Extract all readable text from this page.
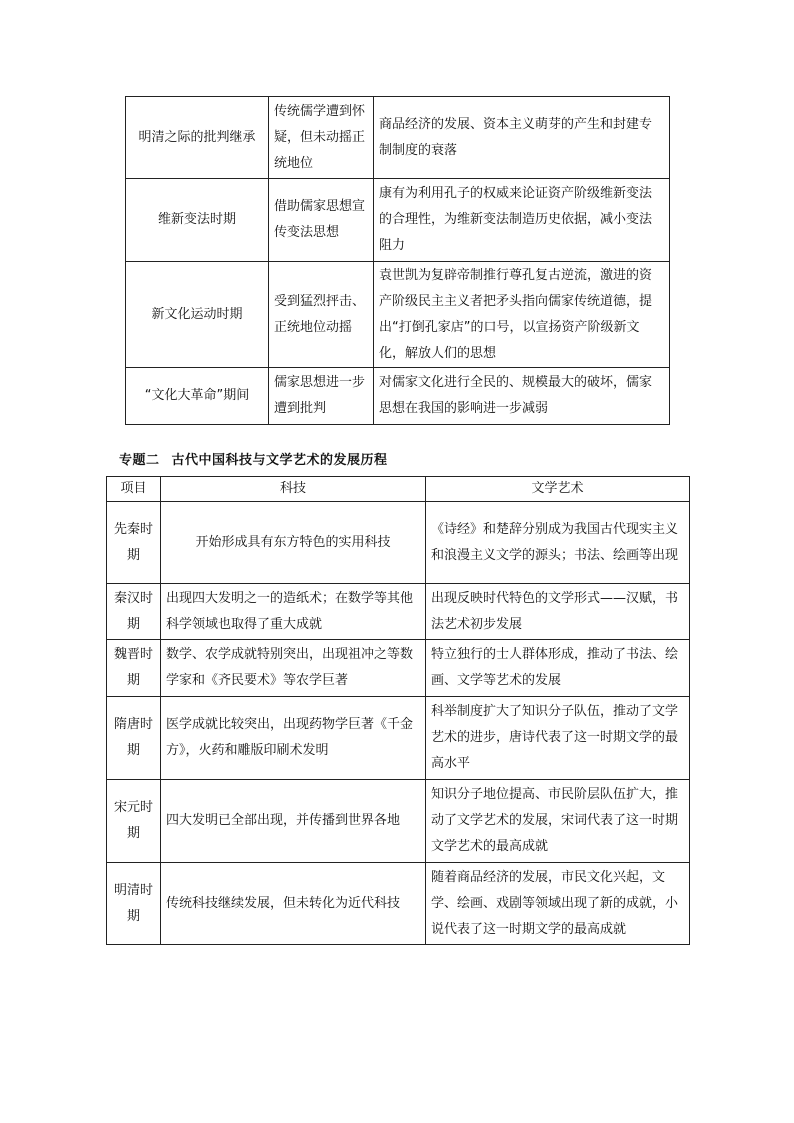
明清之际的批判继承	传统儒学遭到怀疑，但未动摇正统地位	商品经济的发展、资本主义萌芽的产生和封建专制制度的衰落
维新变法时期	借助儒家思想宣传变法思想	康有为利用孔子的权威来论证资产阶级维新变法的合理性，为维新变法制造历史依据，减小变法阻力
新文化运动时期	受到猛烈抨击、正统地位动摇	袁世凯为复辟帝制推行尊孔复古逆流，激进的资产阶级民主主义者把矛头指向儒家传统道德，提出“打倒孔家店”的口号，以宣扬资产阶级新文化，解放人们的思想
“文化大革命”期间	儒家思想进一步遭到批判	对儒家文化进行全民的、规模最大的破坏，儒家思想在我国的影响进一步减弱
专题二 古代中国科技与文学艺术的发展历程
项目	科技	文学艺术
先秦时期	开始形成具有东方特色的实用科技	《诗经》和楚辞分别成为我国古代现实主义和浪漫主义文学的源头；书法、绘画等出现
秦汉时期	出现四大发明之一的造纸术；在数学等其他科学领域也取得了重大成就	出现反映时代特色的文学形式——汉赋，书法艺术初步发展
魏晋时期	数学、农学成就特别突出，出现祖冲之等数学家和《齐民要术》等农学巨著	特立独行的士人群体形成，推动了书法、绘画、文学等艺术的发展
隋唐时期	医学成就比较突出，出现药物学巨著《千金方》，火药和雕版印刷术发明	科举制度扩大了知识分子队伍，推动了文学艺术的进步，唐诗代表了这一时期文学的最高水平
宋元时期	四大发明已全部出现，并传播到世界各地	知识分子地位提高、市民阶层队伍扩大，推动了文学艺术的发展，宋词代表了这一时期文学艺术的最高成就
明清时期	传统科技继续发展，但未转化为近代科技	随着商品经济的发展，市民文化兴起，文学、绘画、戏剧等领域出现了新的成就，小说代表了这一时期文学的最高成就
